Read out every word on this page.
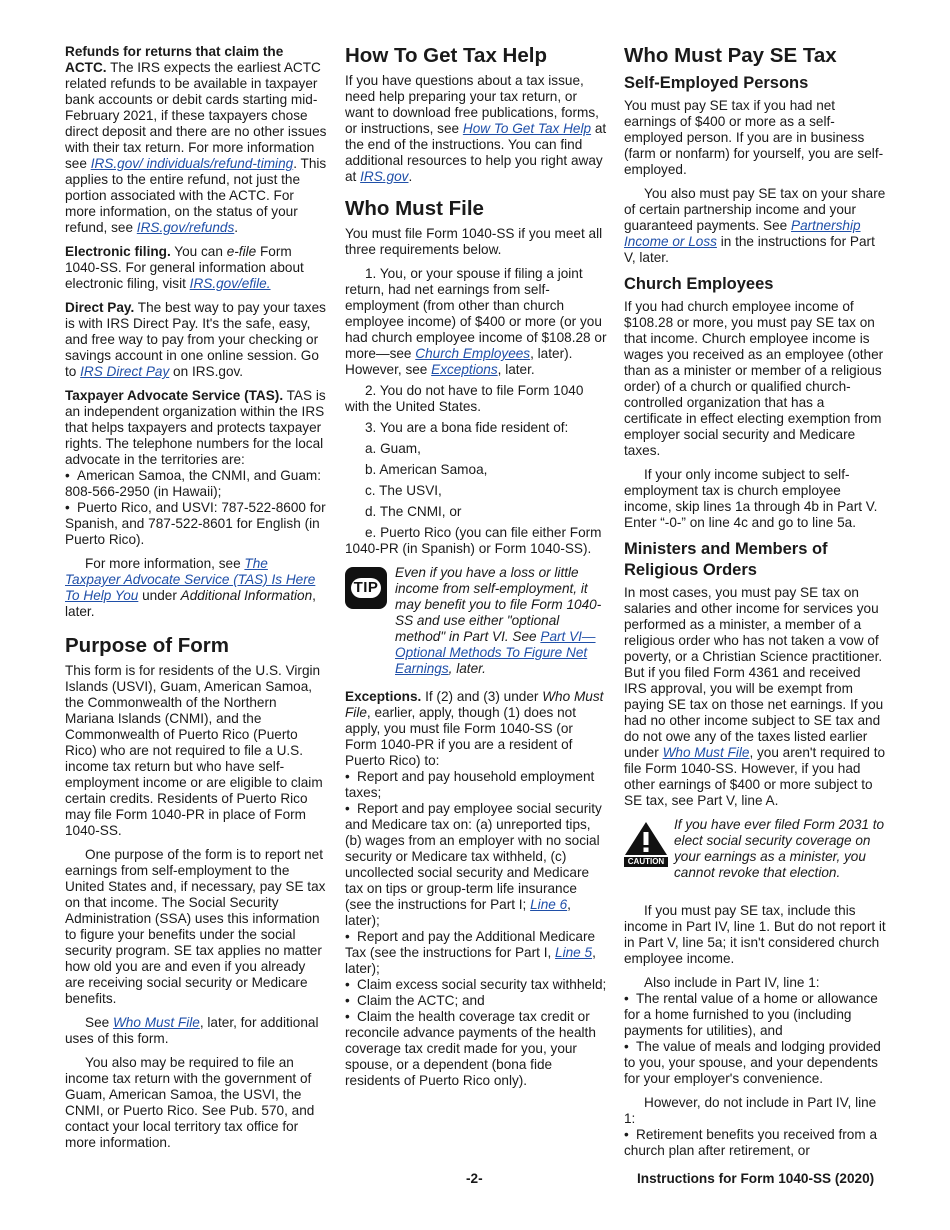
Refunds for returns that claim the ACTC. The IRS expects the earliest ACTC related refunds to be available in taxpayer bank accounts or debit cards starting mid-February 2021, if these taxpayers chose direct deposit and there are no other issues with their tax return. For more information see IRS.gov/ individuals/refund-timing. This applies to the entire refund, not just the portion associated with the ACTC. For more information, on the status of your refund, see IRS.gov/refunds.

Electronic filing. You can e-file Form 1040-SS. For general information about electronic filing, visit IRS.gov/efile.

Direct Pay. The best way to pay your taxes is with IRS Direct Pay. It's the safe, easy, and free way to pay from your checking or savings account in one online session. Go to IRS Direct Pay on IRS.gov.

Taxpayer Advocate Service (TAS). TAS is an independent organization within the IRS that helps taxpayers and protects taxpayer rights. The telephone numbers for the local advocate in the territories are:

• American Samoa, the CNMI, and Guam: 808-566-2950 (in Hawaii);

• Puerto Rico, and USVI: 787-522-8600 for Spanish, and 787-522-8601 for English (in Puerto Rico).

For more information, see The Taxpayer Advocate Service (TAS) Is Here To Help You under Additional Information, later.

Purpose of Form

This form is for residents of the U.S. Virgin Islands (USVI), Guam, American Samoa, the Commonwealth of the Northern Mariana Islands (CNMI), and the Commonwealth of Puerto Rico (Puerto Rico) who are not required to file a U.S. income tax return but who have self-employment income or are eligible to claim certain credits. Residents of Puerto Rico may file Form 1040-PR in place of Form 1040-SS.

One purpose of the form is to report net earnings from self-employment to the United States and, if necessary, pay SE tax on that income. The Social Security Administration (SSA) uses this information to figure your benefits under the social security program. SE tax applies no matter how old you are and even if you already are receiving social security or Medicare benefits.

See Who Must File, later, for additional uses of this form.

You also may be required to file an income tax return with the government of Guam, American Samoa, the USVI, the CNMI, or Puerto Rico. See Pub. 570, and contact your local territory tax office for more information.

How To Get Tax Help

If you have questions about a tax issue, need help preparing your tax return, or want to download free publications, forms, or instructions, see How To Get Tax Help at the end of the instructions. You can find additional resources to help you right away at IRS.gov.

Who Must File

You must file Form 1040-SS if you meet all three requirements below.

1. You, or your spouse if filing a joint return, had net earnings from self-employment (from other than church employee income) of $400 or more (or you had church employee income of $108.28 or more—see Church Employees, later). However, see Exceptions, later.

2. You do not have to file Form 1040 with the United States.

3. You are a bona fide resident of:

a. Guam,

b. American Samoa,

c. The USVI,

d. The CNMI, or

e. Puerto Rico (you can file either Form 1040-PR (in Spanish) or Form 1040-SS).

TIP
Even if you have a loss or little income from self-employment, it may benefit you to file Form 1040-SS and use either "optional method" in Part VI. See Part VI—Optional Methods To Figure Net Earnings, later.

Exceptions. If (2) and (3) under Who Must File, earlier, apply, though (1) does not apply, you must file Form 1040-SS (or Form 1040-PR if you are a resident of Puerto Rico) to:

• Report and pay household employment taxes;

• Report and pay employee social security and Medicare tax on: (a) unreported tips, (b) wages from an employer with no social security or Medicare tax withheld, (c) uncollected social security and Medicare tax on tips or group-term life insurance (see the instructions for Part I; Line 6, later);

• Report and pay the Additional Medicare Tax (see the instructions for Part I, Line 5, later);

• Claim excess social security tax withheld;

• Claim the ACTC; and

• Claim the health coverage tax credit or reconcile advance payments of the health coverage tax credit made for you, your spouse, or a dependent (bona fide residents of Puerto Rico only).

Who Must Pay SE Tax
Self-Employed Persons

You must pay SE tax if you had net earnings of $400 or more as a self-employed person. If you are in business (farm or nonfarm) for yourself, you are self-employed.

You also must pay SE tax on your share of certain partnership income and your guaranteed payments. See Partnership Income or Loss in the instructions for Part V, later.

Church Employees

If you had church employee income of $108.28 or more, you must pay SE tax on that income. Church employee income is wages you received as an employee (other than as a minister or member of a religious order) of a church or qualified church-controlled organization that has a certificate in effect electing exemption from employer social security and Medicare taxes.

If your only income subject to self-employment tax is church employee income, skip lines 1a through 4b in Part V. Enter “-0-” on line 4c and go to line 5a.

Ministers and Members of Religious Orders

In most cases, you must pay SE tax on salaries and other income for services you performed as a minister, a member of a religious order who has not taken a vow of poverty, or a Christian Science practitioner. But if you filed Form 4361 and received IRS approval, you will be exempt from paying SE tax on those net earnings. If you had no other income subject to SE tax and do not owe any of the taxes listed earlier under Who Must File, you aren't required to file Form 1040-SS. However, if you had other earnings of $400 or more subject to SE tax, see Part V, line A.

CAUTION
If you have ever filed Form 2031 to elect social security coverage on your earnings as a minister, you cannot revoke that election.

If you must pay SE tax, include this income in Part IV, line 1. But do not report it in Part V, line 5a; it isn't considered church employee income.

Also include in Part IV, line 1:

• The rental value of a home or allowance for a home furnished to you (including payments for utilities), and

• The value of meals and lodging provided to you, your spouse, and your dependents for your employer's convenience.

However, do not include in Part IV, line 1:

• Retirement benefits you received from a church plan after retirement, or

-2-	Instructions for Form 1040-SS (2020)
